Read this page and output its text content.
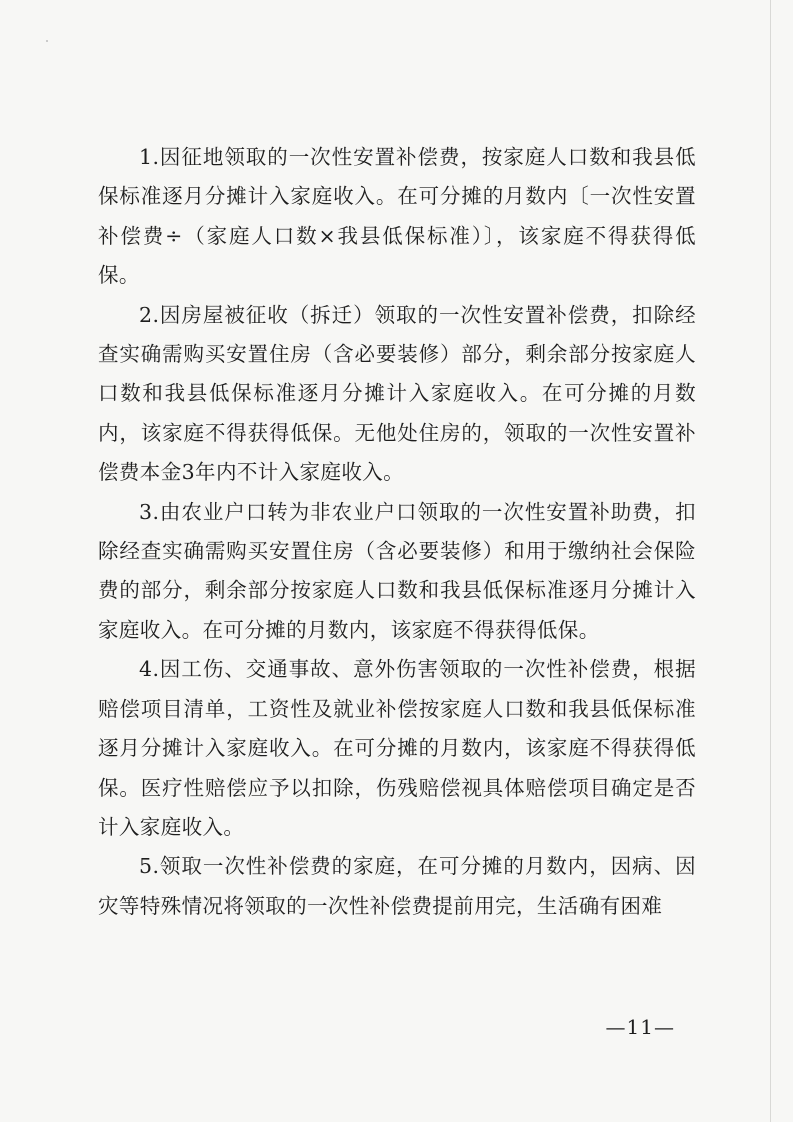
1.因征地领取的一次性安置补偿费，按家庭人口数和我县低保标准逐月分摊计入家庭收入。在可分摊的月数内〔一次性安置补偿费÷（家庭人口数×我县低保标准）〕，该家庭不得获得低保。

2.因房屋被征收（拆迁）领取的一次性安置补偿费，扣除经查实确需购买安置住房（含必要装修）部分，剩余部分按家庭人口数和我县低保标准逐月分摊计入家庭收入。在可分摊的月数内，该家庭不得获得低保。无他处住房的，领取的一次性安置补偿费本金3年内不计入家庭收入。

3.由农业户口转为非农业户口领取的一次性安置补助费，扣除经查实确需购买安置住房（含必要装修）和用于缴纳社会保险费的部分，剩余部分按家庭人口数和我县低保标准逐月分摊计入家庭收入。在可分摊的月数内，该家庭不得获得低保。

4.因工伤、交通事故、意外伤害领取的一次性补偿费，根据赔偿项目清单，工资性及就业补偿按家庭人口数和我县低保标准逐月分摊计入家庭收入。在可分摊的月数内，该家庭不得获得低保。医疗性赔偿应予以扣除，伤残赔偿视具体赔偿项目确定是否计入家庭收入。

5.领取一次性补偿费的家庭，在可分摊的月数内，因病、因灾等特殊情况将领取的一次性补偿费提前用完，生活确有困难

—11—
